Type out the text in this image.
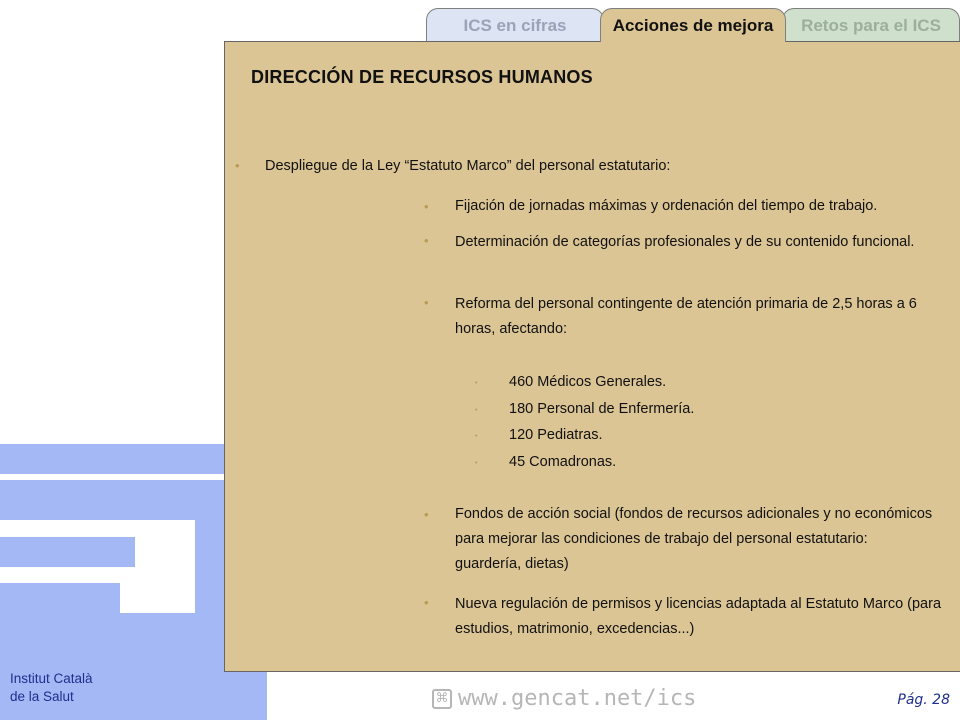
ICS en cifras	Acciones de mejora Retos para el ICS
DIRECCIÓN DE RECURSOS HUMANOS
• Despliegue de la Ley “Estatuto Marco” del personal estatutario:
• Fijación de jornadas máximas y ordenación del tiempo de trabajo.
• Determinación de categorías profesionales y de su contenido funcional.
• Reforma del personal contingente de atención primaria de 2,5 horas a 6 horas, afectando:
• 460 Médicos Generales.
• 180 Personal de Enfermería.
• 120 Pediatras.
• 45 Comadronas.
• Fondos de acción social (fondos de recursos adicionales y no económicos para mejorar las condiciones de trabajo del personal estatutario: guardería, dietas)
• Nueva regulación de permisos y licencias adaptada al Estatuto Marco (para estudios, matrimonio, excedencias...)
Institut Català
de la Salut	⌘ www.gencat.net/ics	Pág. 28
